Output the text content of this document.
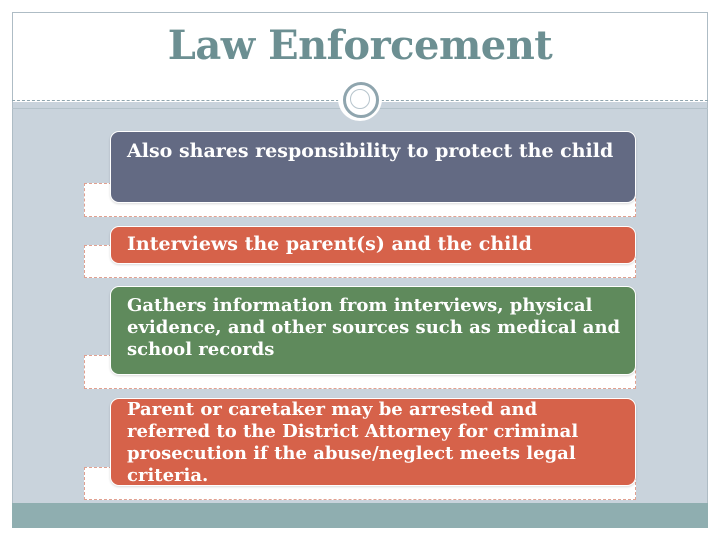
Law Enforcement
Also shares responsibility to protect the child
Interviews the parent(s) and the child
Gathers information from interviews, physical evidence, and other sources such as medical and school records
Parent or caretaker may be arrested and referred to the District Attorney for criminal prosecution if the abuse/neglect meets legal criteria.
